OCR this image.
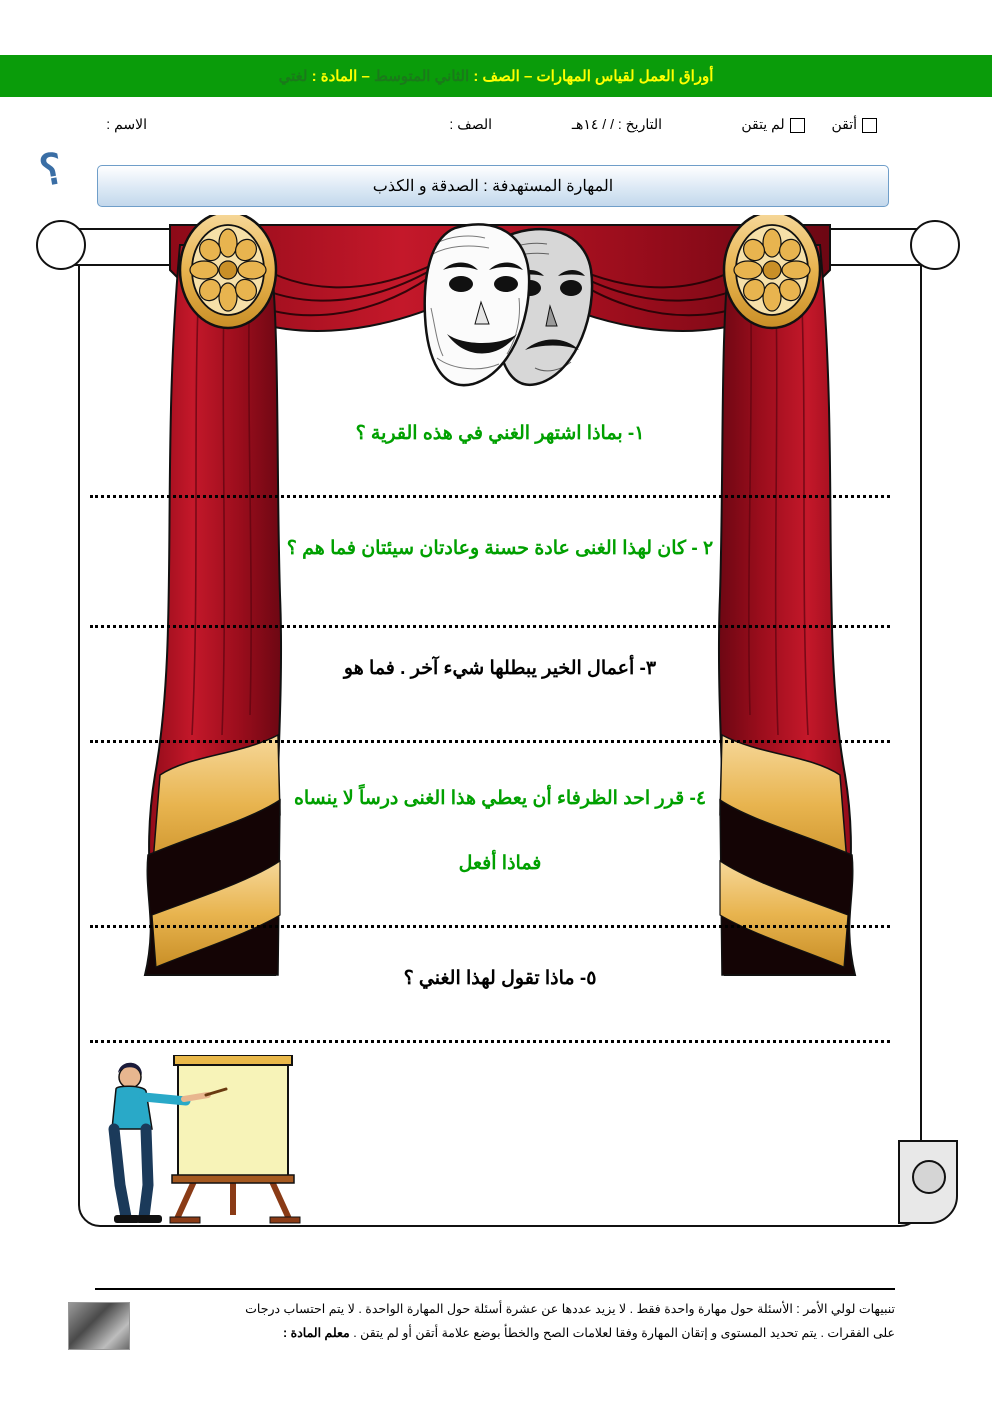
أوراق العمل لقياس المهارات – الصف : الثاني المتوسط – المادة : لغتي
الاسم :	الصف :	التاريخ : / / ١٤هـ	أتقن  لم يتقن
؟	المهارة المستهدفة : الصدقة و الكذب
١- بماذا اشتهر الغني في هذه القرية ؟
٢ - كان لهذا الغنى عادة حسنة وعادتان سيئتان فما هم ؟
٣- أعمال الخير يبطلها شيء آخر . فما هو
٤- قرر احد الظرفاء أن يعطي هذا الغنى درساً لا ينساه
فماذا أفعل
٥- ماذا تقول لهذا الغني ؟
تنبيهات لولي الأمر : الأسئلة حول مهارة واحدة فقط . لا يزيد عددها عن عشرة أسئلة حول المهارة الواحدة . لا يتم احتساب درجات
على الفقرات . يتم تحديد المستوى و إتقان المهارة وفقا لعلامات الصح والخطأ بوضع علامة أتقن أو لم يتقن . معلم المادة :
